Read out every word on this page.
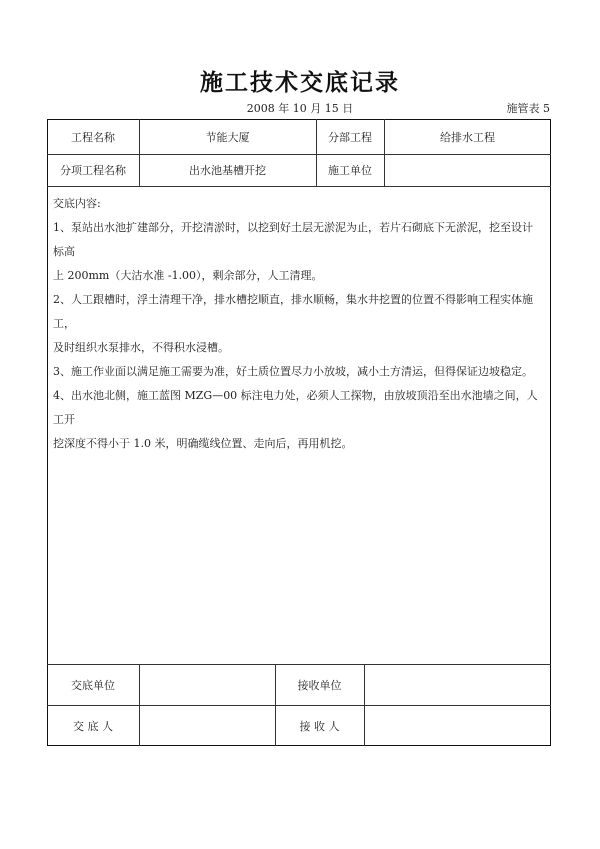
施工技术交底记录
2008 年 10 月 15 日	施管表 5
工程名称	节能大厦	分部工程	给排水工程
分项工程名称	出水池基槽开挖	施工单位

交底内容:

1、泵站出水池扩建部分，开挖清淤时，以挖到好土层无淤泥为止，若片石砌底下无淤泥，挖至设计标高

上 200mm（大沽水准 -1.00），剩余部分，人工清理。

2、人工跟槽时，浮土清理干净，排水槽挖顺直，排水顺畅，集水井挖置的位置不得影响工程实体施工，

及时组织水泵排水，不得积水浸槽。

3、施工作业面以满足施工需要为准，好土质位置尽力小放坡，减小土方清运，但得保证边坡稳定。

4、出水池北侧，施工蓝图 MZG—00 标注电力处，必须人工探物，由放坡顶沿至出水池墙之间，人工开

挖深度不得小于 1.0 米，明确缆线位置、走向后，再用机挖。

交底单位	接收单位
交 底 人	接 收 人
